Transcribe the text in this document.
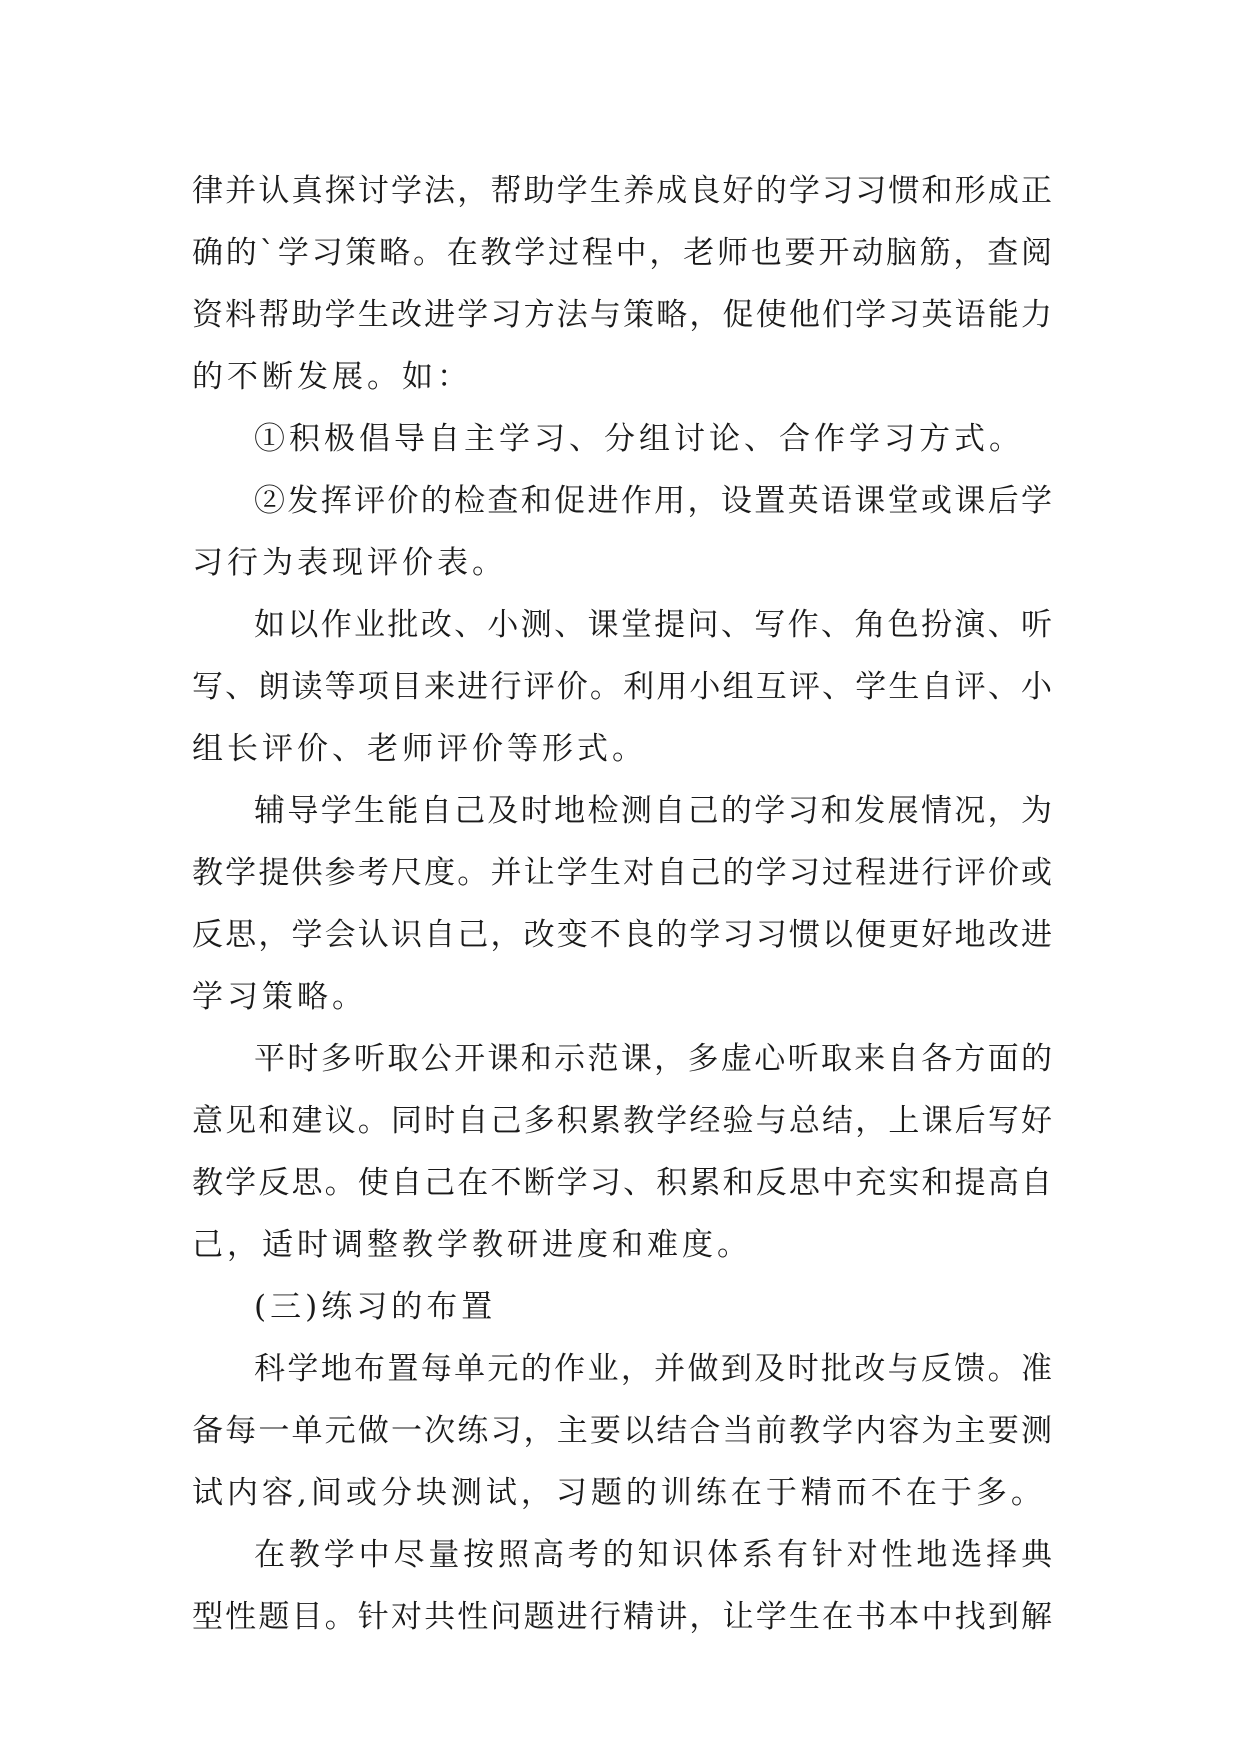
律并认真探讨学法，帮助学生养成良好的学习习惯和形成正
确的`学习策略。在教学过程中，老师也要开动脑筋，查阅
资料帮助学生改进学习方法与策略，促使他们学习英语能力
的不断发展。如：
①积极倡导自主学习、分组讨论、合作学习方式。
②发挥评价的检查和促进作用，设置英语课堂或课后学
习行为表现评价表。
如以作业批改、小测、课堂提问、写作、角色扮演、听
写、朗读等项目来进行评价。利用小组互评、学生自评、小
组长评价、老师评价等形式。
辅导学生能自己及时地检测自己的学习和发展情况，为
教学提供参考尺度。并让学生对自己的学习过程进行评价或
反思，学会认识自己，改变不良的学习习惯以便更好地改进
学习策略。
平时多听取公开课和示范课，多虚心听取来自各方面的
意见和建议。同时自己多积累教学经验与总结，上课后写好
教学反思。使自己在不断学习、积累和反思中充实和提高自
己，适时调整教学教研进度和难度。
(三)练习的布置
科学地布置每单元的作业，并做到及时批改与反馈。准
备每一单元做一次练习，主要以结合当前教学内容为主要测
试内容,间或分块测试，习题的训练在于精而不在于多。
在教学中尽量按照高考的知识体系有针对性地选择典
型性题目。针对共性问题进行精讲，让学生在书本中找到解
